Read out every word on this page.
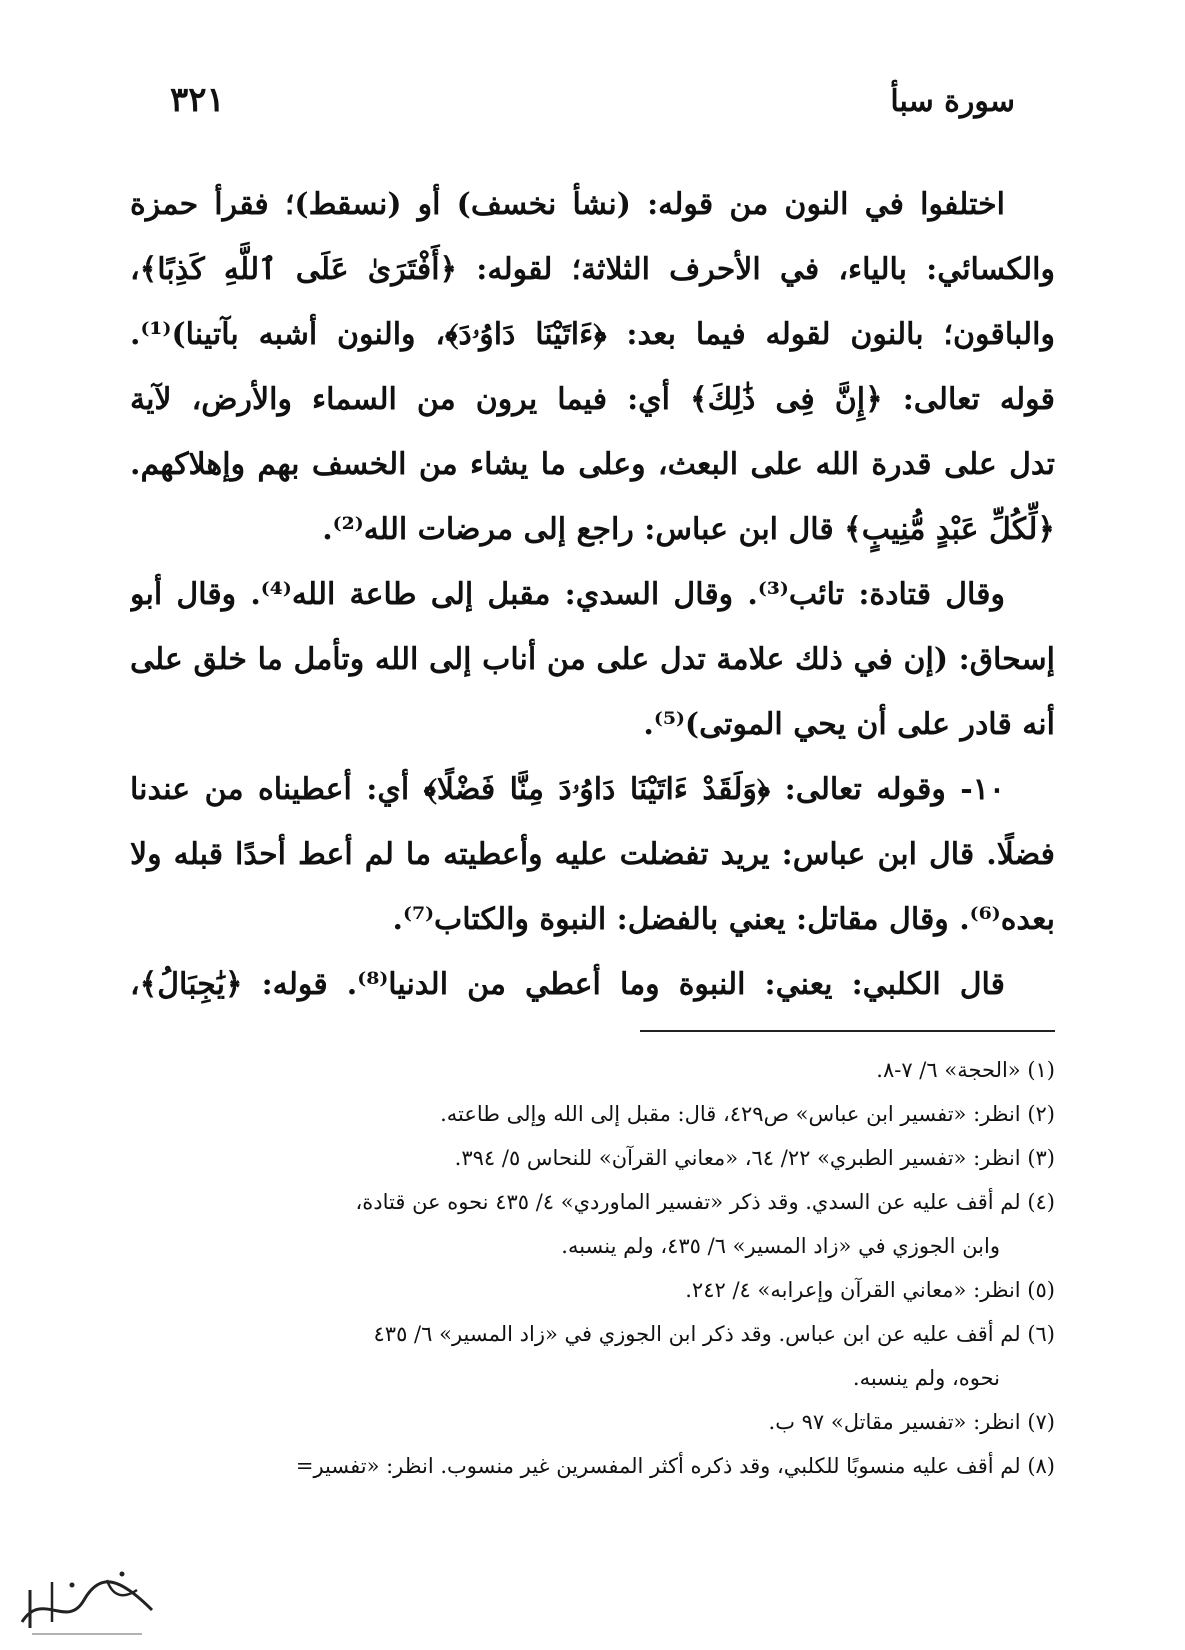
٣٢١	سورة سبأ
اختلفوا في النون من قوله: (نشأ نخسف) أو (نسقط)؛ فقرأ حمزة
والكسائي: بالياء، في الأحرف الثلاثة؛ لقوله: ﴿أَفْتَرَىٰ عَلَى ٱللَّهِ كَذِبًا﴾،
والباقون؛ بالنون لقوله فيما بعد: ﴿ءَاتَيْنَا دَاوُۥدَ﴾، والنون أشبه بآتينا)⁽¹⁾.
قوله تعالى: ﴿إِنَّ فِى ذَٰلِكَ﴾ أي: فيما يرون من السماء والأرض، لآية
تدل على قدرة الله على البعث، وعلى ما يشاء من الخسف بهم وإهلاكهم.
﴿لِّكُلِّ عَبْدٍ مُّنِيبٍ﴾ قال ابن عباس: راجع إلى مرضات الله⁽²⁾.
وقال قتادة: تائب⁽³⁾. وقال السدي: مقبل إلى طاعة الله⁽⁴⁾. وقال أبو
إسحاق: (إن في ذلك علامة تدل على من أناب إلى الله وتأمل ما خلق على
أنه قادر على أن يحي الموتى)⁽⁵⁾.
١٠- وقوله تعالى: ﴿وَلَقَدْ ءَاتَيْنَا دَاوُۥدَ مِنَّا فَضْلًا﴾ أي: أعطيناه من عندنا
فضلًا. قال ابن عباس: يريد تفضلت عليه وأعطيته ما لم أعط أحدًا قبله ولا
بعده⁽⁶⁾. وقال مقاتل: يعني بالفضل: النبوة والكتاب⁽⁷⁾.
قال الكلبي: يعني: النبوة وما أعطي من الدنيا⁽⁸⁾. قوله: ﴿يَٰجِبَالُ﴾،
(١) «الحجة» ٦/ ٧-٨.
(٢) انظر: «تفسير ابن عباس» ص٤٢٩، قال: مقبل إلى الله وإلى طاعته.
(٣) انظر: «تفسير الطبري» ٢٢/ ٦٤، «معاني القرآن» للنحاس ٥/ ٣٩٤.
(٤) لم أقف عليه عن السدي. وقد ذكر «تفسير الماوردي» ٤/ ٤٣٥ نحوه عن قتادة،
وابن الجوزي في «زاد المسير» ٦/ ٤٣٥، ولم ينسبه.
(٥) انظر: «معاني القرآن وإعرابه» ٤/ ٢٤٢.
(٦) لم أقف عليه عن ابن عباس. وقد ذكر ابن الجوزي في «زاد المسير» ٦/ ٤٣٥
نحوه، ولم ينسبه.
(٧) انظر: «تفسير مقاتل» ٩٧ ب.
(٨) لم أقف عليه منسوبًا للكلبي، وقد ذكره أكثر المفسرين غير منسوب. انظر: «تفسير=
